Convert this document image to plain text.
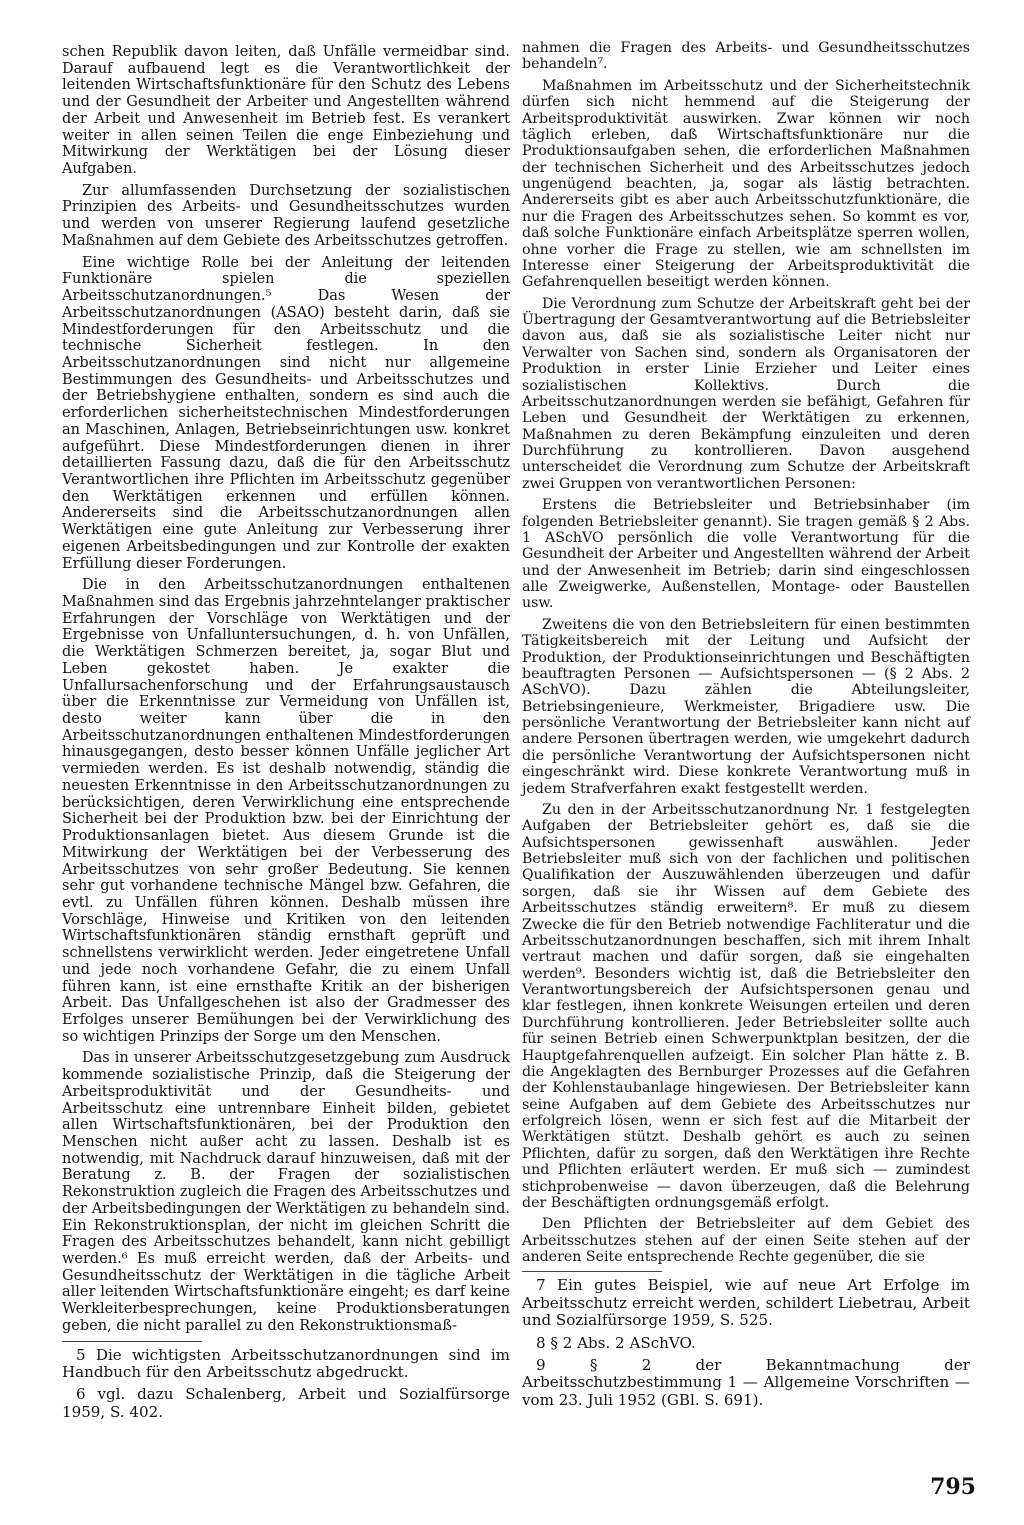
schen Republik davon leiten, daß Unfälle vermeidbar sind. Darauf aufbauend legt es die Verantwortlichkeit der leitenden Wirtschaftsfunktionäre für den Schutz des Lebens und der Gesundheit der Arbeiter und Angestellten während der Arbeit und Anwesenheit im Betrieb fest. Es verankert weiter in allen seinen Teilen die enge Einbeziehung und Mitwirkung der Werktätigen bei der Lösung dieser Aufgaben.

Zur allumfassenden Durchsetzung der sozialistischen Prinzipien des Arbeits- und Gesundheitsschutzes wurden und werden von unserer Regierung laufend gesetzliche Maßnahmen auf dem Gebiete des Arbeitsschutzes getroffen.

Eine wichtige Rolle bei der Anleitung der leitenden Funktionäre spielen die speziellen Arbeitsschutzanordnungen.⁵ Das Wesen der Arbeitsschutzanordnungen (ASAO) besteht darin, daß sie Mindestforderungen für den Arbeitsschutz und die technische Sicherheit festlegen. In den Arbeitsschutzanordnungen sind nicht nur allgemeine Bestimmungen des Gesundheits- und Arbeitsschutzes und der Betriebshygiene enthalten, sondern es sind auch die erforderlichen sicherheitstechnischen Mindestforderungen an Maschinen, Anlagen, Betriebseinrichtungen usw. konkret aufgeführt. Diese Mindestforderungen dienen in ihrer detaillierten Fassung dazu, daß die für den Arbeitsschutz Verantwortlichen ihre Pflichten im Arbeitsschutz gegenüber den Werktätigen erkennen und erfüllen können. Andererseits sind die Arbeitsschutzanordnungen allen Werktätigen eine gute Anleitung zur Verbesserung ihrer eigenen Arbeitsbedingungen und zur Kontrolle der exakten Erfüllung dieser Forderungen.

Die in den Arbeitsschutzanordnungen enthaltenen Maßnahmen sind das Ergebnis jahrzehntelanger praktischer Erfahrungen der Vorschläge von Werktätigen und der Ergebnisse von Unfalluntersuchungen, d. h. von Unfällen, die Werktätigen Schmerzen bereitet, ja, sogar Blut und Leben gekostet haben. Je exakter die Unfallursachenforschung und der Erfahrungsaustausch über die Erkenntnisse zur Vermeidung von Unfällen ist, desto weiter kann über die in den Arbeitsschutzanordnungen enthaltenen Mindestforderungen hinausgegangen, desto besser können Unfälle jeglicher Art vermieden werden. Es ist deshalb notwendig, ständig die neuesten Erkenntnisse in den Arbeitsschutzanordnungen zu berücksichtigen, deren Verwirklichung eine entsprechende Sicherheit bei der Produktion bzw. bei der Einrichtung der Produktionsanlagen bietet. Aus diesem Grunde ist die Mitwirkung der Werktätigen bei der Verbesserung des Arbeitsschutzes von sehr großer Bedeutung. Sie kennen sehr gut vorhandene technische Mängel bzw. Gefahren, die evtl. zu Unfällen führen können. Deshalb müssen ihre Vorschläge, Hinweise und Kritiken von den leitenden Wirtschaftsfunktionären ständig ernsthaft geprüft und schnellstens verwirklicht werden. Jeder eingetretene Unfall und jede noch vorhandene Gefahr, die zu einem Unfall führen kann, ist eine ernsthafte Kritik an der bisherigen Arbeit. Das Unfallgeschehen ist also der Gradmesser des Erfolges unserer Bemühungen bei der Verwirklichung des so wichtigen Prinzips der Sorge um den Menschen.

Das in unserer Arbeitsschutzgesetzgebung zum Ausdruck kommende sozialistische Prinzip, daß die Steigerung der Arbeitsproduktivität und der Gesundheits- und Arbeitsschutz eine untrennbare Einheit bilden, gebietet allen Wirtschaftsfunktionären, bei der Produktion den Menschen nicht außer acht zu lassen. Deshalb ist es notwendig, mit Nachdruck darauf hinzuweisen, daß mit der Beratung z. B. der Fragen der sozialistischen Rekonstruktion zugleich die Fragen des Arbeitsschutzes und der Arbeitsbedingungen der Werktätigen zu behandeln sind. Ein Rekonstruktionsplan, der nicht im gleichen Schritt die Fragen des Arbeitsschutzes behandelt, kann nicht gebilligt werden.⁶ Es muß erreicht werden, daß der Arbeits- und Gesundheitsschutz der Werktätigen in die tägliche Arbeit aller leitenden Wirtschaftsfunktionäre eingeht; es darf keine Werkleiterbesprechungen, keine Produktionsberatungen geben, die nicht parallel zu den Rekonstruktionsmaß-

5 Die wichtigsten Arbeitsschutzanordnungen sind im Handbuch für den Arbeitsschutz abgedruckt.

6 vgl. dazu Schalenberg, Arbeit und Sozialfürsorge 1959, S. 402.

nahmen die Fragen des Arbeits- und Gesundheitsschutzes behandeln⁷.

Maßnahmen im Arbeitsschutz und der Sicherheitstechnik dürfen sich nicht hemmend auf die Steigerung der Arbeitsproduktivität auswirken. Zwar können wir noch täglich erleben, daß Wirtschaftsfunktionäre nur die Produktionsaufgaben sehen, die erforderlichen Maßnahmen der technischen Sicherheit und des Arbeitsschutzes jedoch ungenügend beachten, ja, sogar als lästig betrachten. Andererseits gibt es aber auch Arbeitsschutzfunktionäre, die nur die Fragen des Arbeitsschutzes sehen. So kommt es vor, daß solche Funktionäre einfach Arbeitsplätze sperren wollen, ohne vorher die Frage zu stellen, wie am schnellsten im Interesse einer Steigerung der Arbeitsproduktivität die Gefahrenquellen beseitigt werden können.

Die Verordnung zum Schutze der Arbeitskraft geht bei der Übertragung der Gesamtverantwortung auf die Betriebsleiter davon aus, daß sie als sozialistische Leiter nicht nur Verwalter von Sachen sind, sondern als Organisatoren der Produktion in erster Linie Erzieher und Leiter eines sozialistischen Kollektivs. Durch die Arbeitsschutzanordnungen werden sie befähigt, Gefahren für Leben und Gesundheit der Werktätigen zu erkennen, Maßnahmen zu deren Bekämpfung einzuleiten und deren Durchführung zu kontrollieren. Davon ausgehend unterscheidet die Verordnung zum Schutze der Arbeitskraft zwei Gruppen von verantwortlichen Personen:

Erstens die Betriebsleiter und Betriebsinhaber (im folgenden Betriebsleiter genannt). Sie tragen gemäß § 2 Abs. 1 ASchVO persönlich die volle Verantwortung für die Gesundheit der Arbeiter und Angestellten während der Arbeit und der Anwesenheit im Betrieb; darin sind eingeschlossen alle Zweigwerke, Außenstellen, Montage- oder Baustellen usw.

Zweitens die von den Betriebsleitern für einen bestimmten Tätigkeitsbereich mit der Leitung und Aufsicht der Produktion, der Produktionseinrichtungen und Beschäftigten beauftragten Personen — Aufsichtspersonen — (§ 2 Abs. 2 ASchVO). Dazu zählen die Abteilungsleiter, Betriebsingenieure, Werkmeister, Brigadiere usw. Die persönliche Verantwortung der Betriebsleiter kann nicht auf andere Personen übertragen werden, wie umgekehrt dadurch die persönliche Verantwortung der Aufsichtspersonen nicht eingeschränkt wird. Diese konkrete Verantwortung muß in jedem Strafverfahren exakt festgestellt werden.

Zu den in der Arbeitsschutzanordnung Nr. 1 festgelegten Aufgaben der Betriebsleiter gehört es, daß sie die Aufsichtspersonen gewissenhaft auswählen. Jeder Betriebsleiter muß sich von der fachlichen und politischen Qualifikation der Auszuwählenden überzeugen und dafür sorgen, daß sie ihr Wissen auf dem Gebiete des Arbeitsschutzes ständig erweitern⁸. Er muß zu diesem Zwecke die für den Betrieb notwendige Fachliteratur und die Arbeitsschutzanordnungen beschaffen, sich mit ihrem Inhalt vertraut machen und dafür sorgen, daß sie eingehalten werden⁹. Besonders wichtig ist, daß die Betriebsleiter den Verantwortungsbereich der Aufsichtspersonen genau und klar festlegen, ihnen konkrete Weisungen erteilen und deren Durchführung kontrollieren. Jeder Betriebsleiter sollte auch für seinen Betrieb einen Schwerpunktplan besitzen, der die Hauptgefahrenquellen aufzeigt. Ein solcher Plan hätte z. B. die Angeklagten des Bernburger Prozesses auf die Gefahren der Kohlenstaubanlage hingewiesen. Der Betriebsleiter kann seine Aufgaben auf dem Gebiete des Arbeitsschutzes nur erfolgreich lösen, wenn er sich fest auf die Mitarbeit der Werktätigen stützt. Deshalb gehört es auch zu seinen Pflichten, dafür zu sorgen, daß den Werktätigen ihre Rechte und Pflichten erläutert werden. Er muß sich — zumindest stichprobenweise — davon überzeugen, daß die Belehrung der Beschäftigten ordnungsgemäß erfolgt.

Den Pflichten der Betriebsleiter auf dem Gebiet des Arbeitsschutzes stehen auf der einen Seite stehen auf der anderen Seite entsprechende Rechte gegenüber, die sie

7 Ein gutes Beispiel, wie auf neue Art Erfolge im Arbeitsschutz erreicht werden, schildert Liebetrau, Arbeit und Sozialfürsorge 1959, S. 525.

8 § 2 Abs. 2 ASchVO.

9 § 2 der Bekanntmachung der Arbeitsschutzbestimmung 1 — Allgemeine Vorschriften — vom 23. Juli 1952 (GBl. S. 691).

795
